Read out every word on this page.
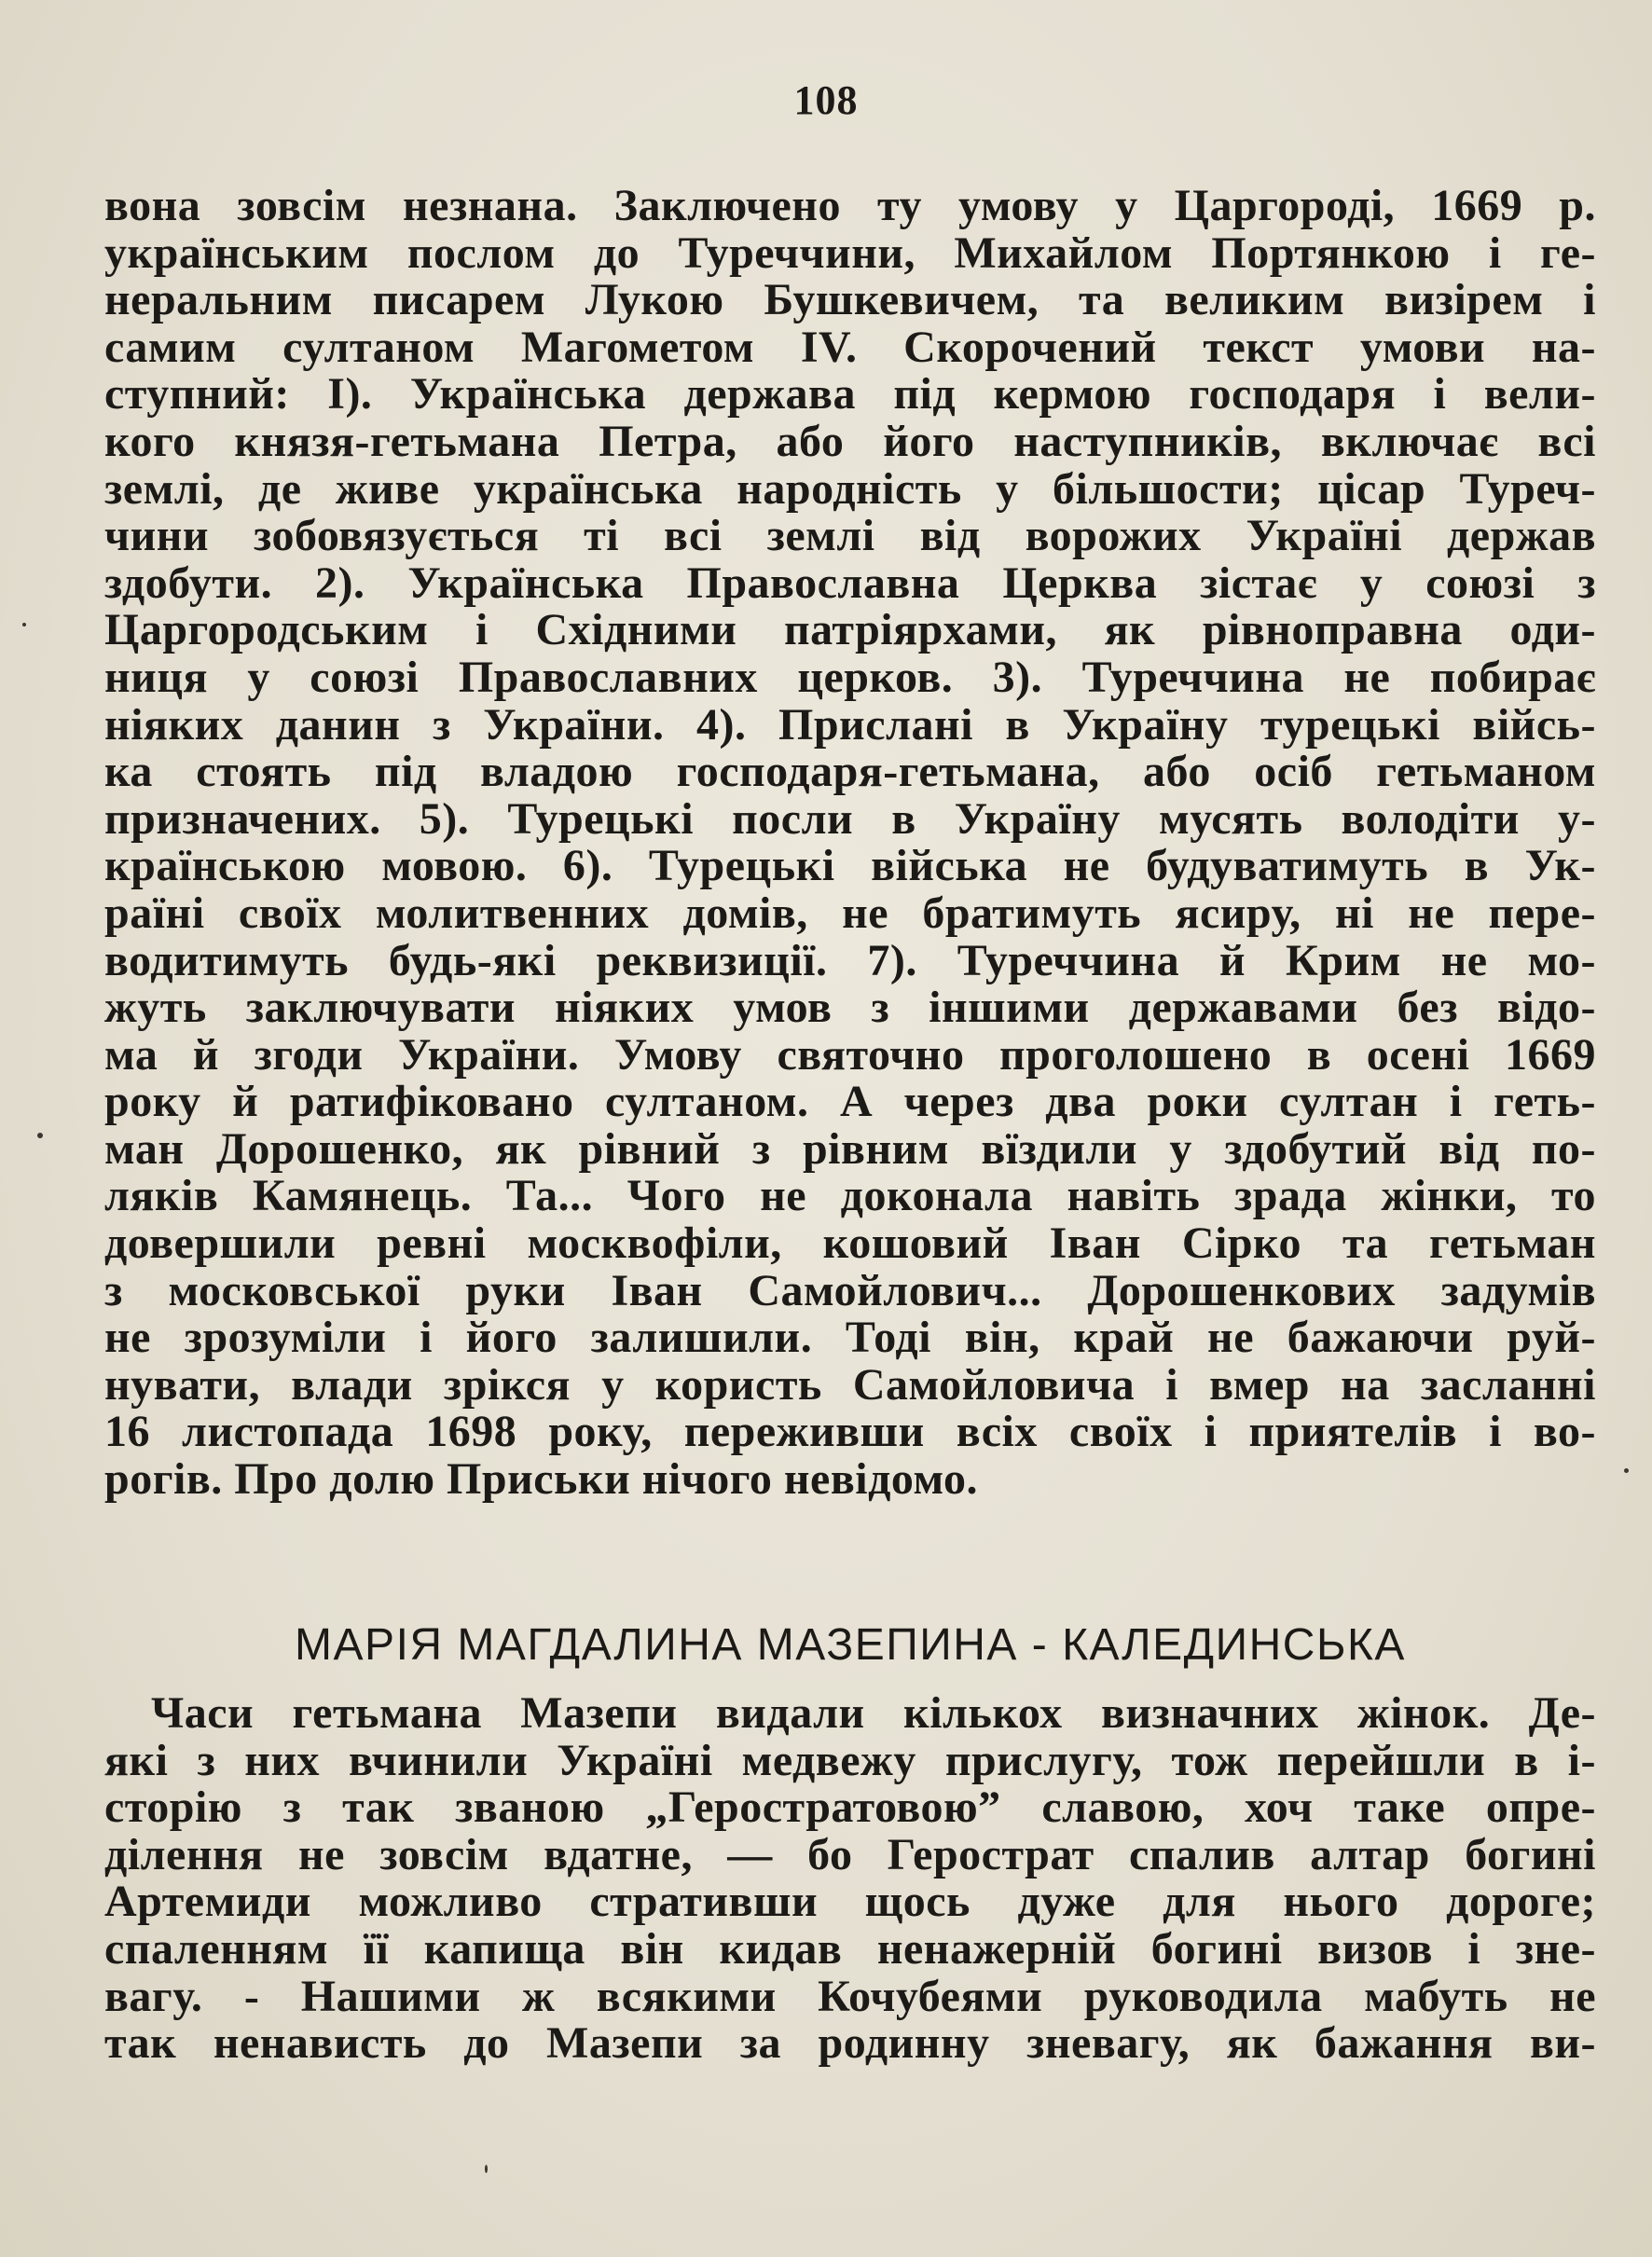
108
вона зовсім незнана. Заключено ту умову у Царгороді, 1669 р.
українським послом до Туреччини, Михайлом Портянкою і ге-
неральним писарем Лукою Бушкевичем, та великим визірем і
самим султаном Магометом IV. Скорочений текст умови на-
ступний: I). Українська держава під кермою господаря і вели-
кого князя-гетьмана Петра, або його наступників, включає всі
землі, де живе українська народність у більшости; цісар Туреч-
чини зобовязується ті всі землі від ворожих Україні держав
здобути. 2). Українська Православна Церква зістає у союзі з
Царгородським і Східними патріярхами, як рівноправна оди-
ниця у союзі Православних церков. 3). Туреччина не побирає
ніяких данин з України. 4). Прислані в Україну турецькі війсь-
ка стоять під владою господаря-гетьмана, або осіб гетьманом
призначених. 5). Турецькі посли в Україну мусять володіти у-
країнською мовою. 6). Турецькі війська не будуватимуть в Ук-
раїні своїх молитвенних домів, не братимуть ясиру, ні не пере-
водитимуть будь-які реквизиції. 7). Туреччина й Крим не мо-
жуть заключувати ніяких умов з іншими державами без відо-
ма й згоди України. Умову святочно проголошено в осені 1669
року й ратифіковано султаном. А через два роки султан і геть-
ман Дорошенко, як рівний з рівним вїздили у здобутий від по-
ляків Камянець. Та... Чого не доконала навіть зрада жінки, то
довершили ревні москвофіли, кошовий Іван Сірко та гетьман
з московської руки Іван Самойлович... Дорошенкових задумів
не зрозуміли і його залишили. Тоді він, край не бажаючи руй-
нувати, влади зрікся у користь Самойловича і вмер на засланні
16 листопада 1698 року, переживши всіх своїх і приятелів і во-
рогів. Про долю Приськи нічого невідомо.
МАРІЯ МАГДАЛИНА МАЗЕПИНА - КАЛЕДИНСЬКА
Часи гетьмана Мазепи видали кількох визначних жінок. Де-
які з них вчинили Україні медвежу прислугу, тож перейшли в і-
сторію з так званою „Геростратовою” славою, хоч таке опре-
ділення не зовсім вдатне, — бо Герострат спалив алтар богині
Артемиди можливо стративши щось дуже для нього дороге;
спаленням її капища він кидав ненажерній богині визов і зне-
вагу. - Нашими ж всякими Кочубеями руководила мабуть не
так ненависть до Мазепи за родинну зневагу, як бажання ви-
